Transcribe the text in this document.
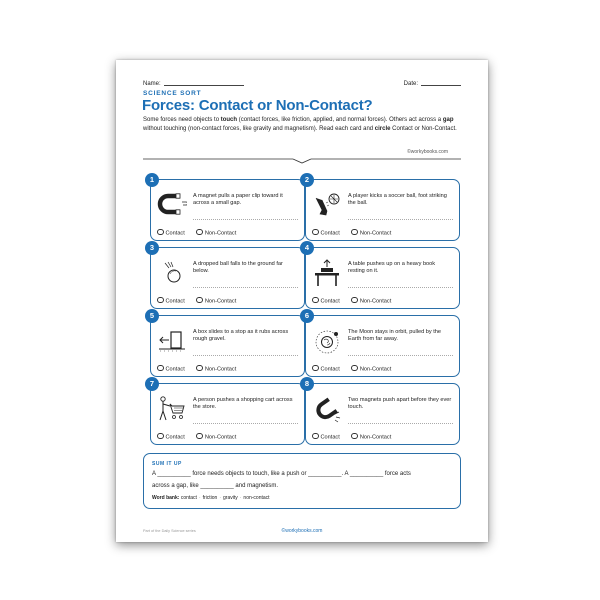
Name:	Date:
SCIENCE SORT
Forces: Contact or Non-Contact?
Some forces need objects to touch (contact forces, like friction, applied, and normal forces). Others act across a gap without touching (non-contact forces, like gravity and magnetism). Read each card and circle Contact or Non-Contact.
©workybooks.com
1
A magnet pulls a paper clip toward it across a small gap.
Contact	Non-Contact
2
A player kicks a soccer ball, foot striking the ball.
Contact	Non-Contact
3
A dropped ball falls to the ground far below.
Contact	Non-Contact
4
A table pushes up on a heavy book resting on it.
Contact	Non-Contact
5
A box slides to a stop as it rubs across rough gravel.
Contact	Non-Contact
6
The Moon stays in orbit, pulled by the Earth from far away.
Contact	Non-Contact
7
A person pushes a shopping cart across the store.
Contact	Non-Contact
8
Two magnets push apart before they ever touch.
Contact	Non-Contact
SUM IT UP
A __________ force needs objects to touch, like a push or __________. A __________ force acts
across a gap, like __________ and magnetism.
Word bank: contact · friction · gravity · non-contact
Part of the Daily Science series	©workybooks.com
